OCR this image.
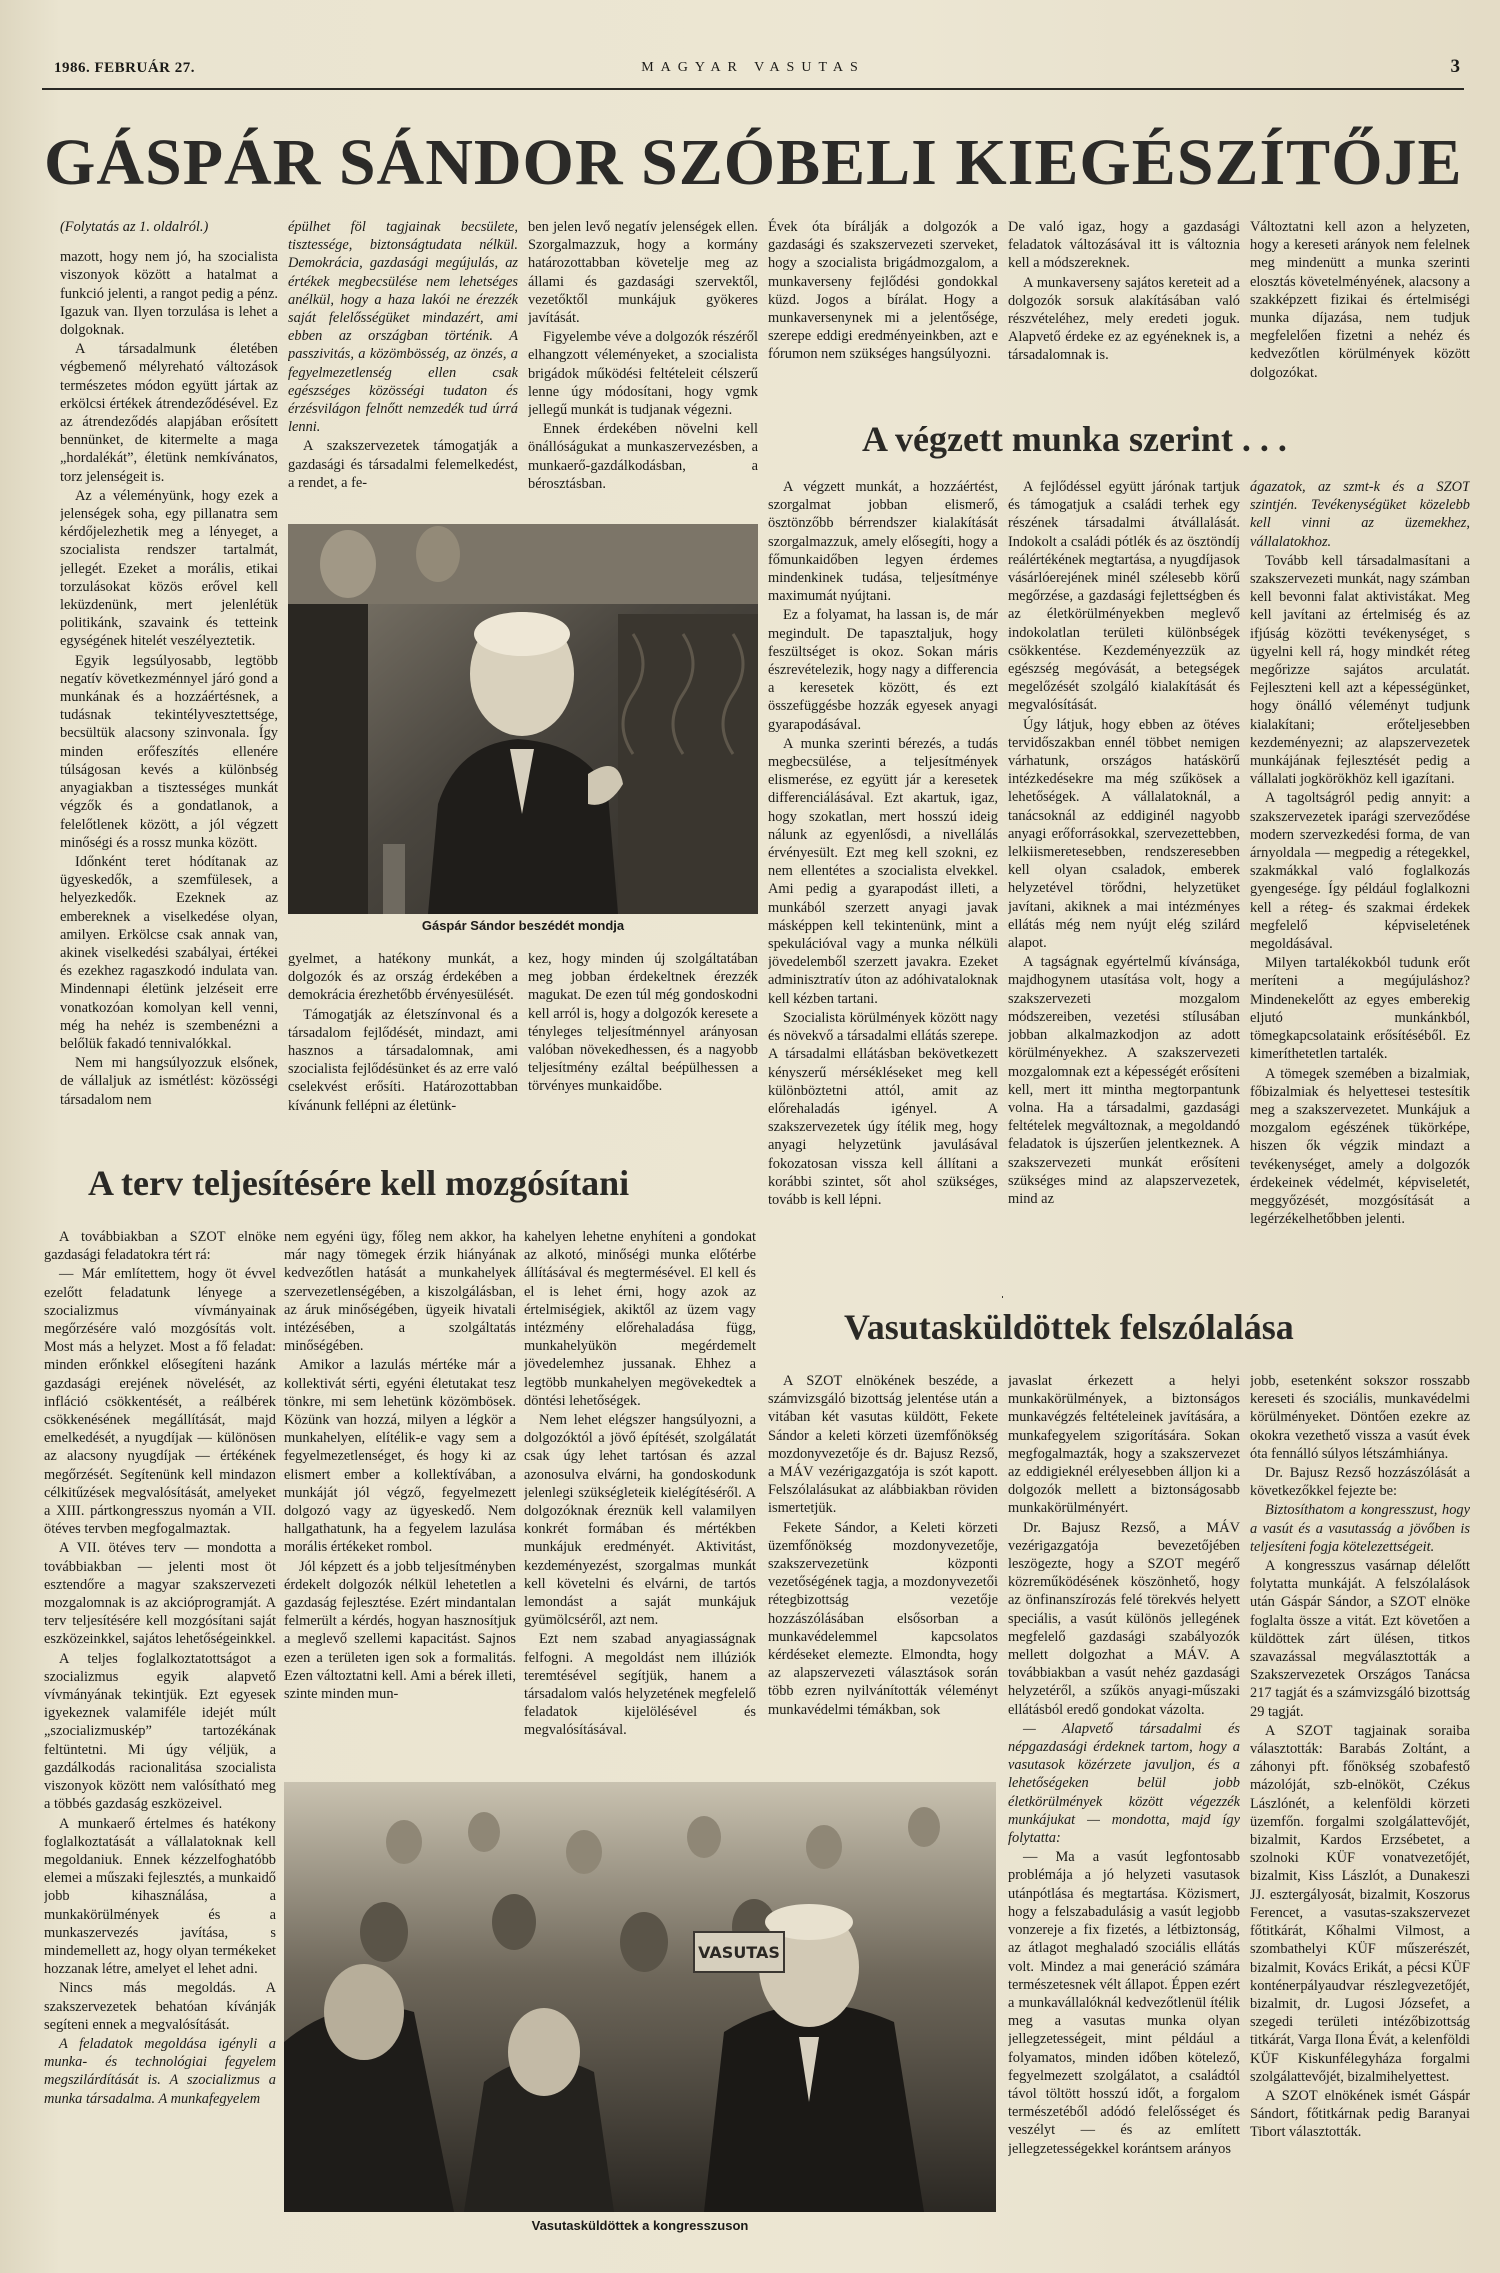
1986. FEBRUÁR 27.	MAGYAR VASUTAS	3
GÁSPÁR SÁNDOR SZÓBELI KIEGÉSZÍTŐJE

(Folytatás az 1. oldalról.)

mazott, hogy nem jó, ha szocialista viszonyok között a hatalmat a funkció jelenti, a rangot pedig a pénz. Igazuk van. Ilyen torzulása is lehet a dolgoknak.

A társadalmunk életében végbemenő mélyreható változások természetes módon együtt jártak az erkölcsi értékek átrendeződésével. Ez az átrendeződés alapjában erősített bennünket, de kitermelte a maga „hordalékát”, életünk nemkívánatos, torz jelenségeit is.

Az a véleményünk, hogy ezek a jelenségek soha, egy pillanatra sem kérdőjelezhetik meg a lényeget, a szocialista rendszer tartalmát, jellegét. Ezeket a morális, etikai torzulásokat közös erővel kell leküzdenünk, mert jelenlétük politikánk, szavaink és tetteink egységének hitelét veszélyeztetik.

Egyik legsúlyosabb, legtöbb negatív következménnyel járó gond a munkának és a hozzáértésnek, a tudásnak tekintélyvesztettsége, becsültük alacsony szinvonala. Így minden erőfeszítés ellenére túlságosan kevés a különbség anyagiakban a tisztességes munkát végzők és a gondatlanok, a felelőtlenek között, a jól végzett minőségi és a rossz munka között.

Időnként teret hódítanak az ügyeskedők, a szemfülesek, a helyezkedők. Ezeknek az embereknek a viselkedése olyan, amilyen. Erkölcse csak annak van, akinek viselkedési szabályai, értékei és ezekhez ragaszkodó indulata van. Mindennapi életünk jelzéseit erre vonatkozóan komolyan kell venni, még ha nehéz is szembenézni a belőlük fakadó tennivalókkal.

Nem mi hangsúlyozzuk elsőnek, de vállaljuk az ismétlést: közösségi társadalom nem

épülhet föl tagjainak becsülete, tisztessége, biztonságtudata nélkül. Demokrácia, gazdasági megújulás, az értékek megbecsülése nem lehetséges anélkül, hogy a haza lakói ne érezzék saját felelősségüket mindazért, ami ebben az országban történik. A passzivitás, a közömbösség, az önzés, a fegyelmezetlenség ellen csak egészséges közösségi tudaton és érzésvilágon felnőtt nemzedék tud úrrá lenni.

A szakszervezetek támogatják a gazdasági és társadalmi felemelkedést, a rendet, a fe-

ben jelen levő negatív jelenségek ellen. Szorgalmazzuk, hogy a kormány határozottabban követelje meg az állami és gazdasági szervektől, vezetőktől munkájuk gyökeres javítását.

Figyelembe véve a dolgozók részéről elhangzott véleményeket, a szocialista brigádok működési feltételeit célszerű lenne úgy módosítani, hogy vgmk jellegű munkát is tudjanak végezni.

Ennek érdekében növelni kell önállóságukat a munkaszervezésben, a munkaerő-gazdálkodásban, a bérosztásban.

Évek óta bírálják a dolgozók a gazdasági és szakszervezeti szerveket, hogy a szocialista brigádmozgalom, a munkaverseny fejlődési gondokkal küzd. Jogos a bírálat. Hogy a munkaversenynek mi a jelentősége, szerepe eddigi eredményeinkben, azt e fórumon nem szükséges hangsúlyozni.

De való igaz, hogy a gazdasági feladatok változásával itt is változnia kell a módszereknek.

A munkaverseny sajátos kereteit ad a dolgozók sorsuk alakításában való részvételéhez, mely eredeti joguk. Alapvető érdeke ez az egyéneknek is, a társadalomnak is.

Változtatni kell azon a helyzeten, hogy a kereseti arányok nem felelnek meg mindenütt a munka szerinti elosztás követelményének, alacsony a szakképzett fizikai és értelmiségi munka díjazása, nem tudjuk megfelelően fizetni a nehéz és kedvezőtlen körülmények között dolgozókat.

A végzett munka szerint . . .
Gáspár Sándor beszédét mondja

gyelmet, a hatékony munkát, a dolgozók és az ország érdekében a demokrácia érezhetőbb érvényesülését.

Támogatják az életszínvonal és a társadalom fejlődését, mindazt, ami hasznos a társadalomnak, ami szocialista fejlődésünket és az erre való cselekvést erősíti. Határozottabban kívánunk fellépni az életünk-

kez, hogy minden új szolgáltatában meg jobban érdekeltnek érezzék magukat. De ezen túl még gondoskodni kell arról is, hogy a dolgozók keresete a tényleges teljesítménnyel arányosan valóban növekedhessen, és a nagyobb teljesítmény ezáltal beépülhessen a törvényes munkaidőbe.

A végzett munkát, a hozzáértést, szorgalmat jobban elismerő, ösztönzőbb bérrendszer kialakítását szorgalmazzuk, amely elősegíti, hogy a főmunkaidőben legyen érdemes mindenkinek tudása, teljesítménye maximumát nyújtani.

Ez a folyamat, ha lassan is, de már megindult. De tapasztaljuk, hogy feszültséget is okoz. Sokan máris észrevételezik, hogy nagy a differencia a keresetek között, és ezt összefüggésbe hozzák egyesek anyagi gyarapodásával.

A munka szerinti bérezés, a tudás megbecsülése, a teljesítmények elismerése, ez együtt jár a keresetek differenciálásával. Ezt akartuk, igaz, hogy szokatlan, mert hosszú ideig nálunk az egyenlősdi, a nivellálás érvényesült. Ezt meg kell szokni, ez nem ellentétes a szocialista elvekkel. Ami pedig a gyarapodást illeti, a munkából szerzett anyagi javak másképpen kell tekintenünk, mint a spekulációval vagy a munka nélküli jövedelemből szerzett javakra. Ezeket adminisztratív úton az adóhivataloknak kell kézben tartani.

Szocialista körülmények között nagy és növekvő a társadalmi ellátás szerepe. A társadalmi ellátásban bekövetkezett kényszerű mérsékléseket meg kell különböztetni attól, amit az előrehaladás igényel. A szakszervezetek úgy ítélik meg, hogy anyagi helyzetünk javulásával fokozatosan vissza kell állítani a korábbi szintet, sőt ahol szükséges, tovább is kell lépni.

A fejlődéssel együtt járónak tartjuk és támogatjuk a családi terhek egy részének társadalmi átvállalását. Indokolt a családi pótlék és az ösztöndíj reálértékének megtartása, a nyugdíjasok vásárlóerejének minél szélesebb körű megőrzése, a gazdasági fejlettségben és az életkörülményekben meglevő indokolatlan területi különbségek csökkentése. Kezdeményezzük az egészség megóvását, a betegségek megelőzését szolgáló kialakítását és megvalósítását.

Úgy látjuk, hogy ebben az ötéves tervidőszakban ennél többet nemigen várhatunk, országos hatáskörű intézkedésekre ma még szűkösek a lehetőségek. A vállalatoknál, a tanácsoknál az eddiginél nagyobb anyagi erőforrásokkal, szervezettebben, lelkiismeretesebben, rendszeresebben kell olyan csaladok, emberek helyzetével törődni, helyzetüket javítani, akiknek a mai intézményes ellátás még nem nyújt elég szilárd alapot.

A tagságnak egyértelmű kívánsága, majdhogynem utasítása volt, hogy a szakszervezeti mozgalom módszereiben, vezetési stílusában jobban alkalmazkodjon az adott körülményekhez. A szakszervezeti mozgalomnak ezt a képességét erősíteni kell, mert itt minthа megtorpantunk volna. Ha a társadalmi, gazdasági feltételek megváltoznak, a megoldandó feladatok is újszerűen jelentkeznek. A szakszervezeti munkát erősíteni szükséges mind az alapszervezetek, mind az

ágazatok, az szmt-k és a SZOT szintjén. Tevékenységüket közelebb kell vinni az üzemekhez, vállalatokhoz.

Tovább kell társadalmasítani a szakszervezeti munkát, nagy számban kell bevonni falat aktivistákat. Meg kell javítani az értelmiség és az ifjúság közötti tevékenységet, s ügyelni kell rá, hogy mindkét réteg megőrizze sajátos arculatát. Fejleszteni kell azt a képességünket, hogy önálló véleményt tudjunk kialakítani; erőteljesebben kezdeményezni; az alapszervezetek munkájának fejlesztését pedig a vállalati jogkörökhöz kell igazítani.

A tagoltságról pedig annyit: a szakszervezetek iparági szerveződése modern szervezkedési forma, de van árnyoldala — megpedig a rétegekkel, szakmákkal való foglalkozás gyengesége. Így például foglalkozni kell a réteg- és szakmai érdekek megfelelő képviseletének megoldásával.

Milyen tartalékokból tudunk erőt meríteni a megújuláshoz? Mindenekelőtt az egyes emberekig eljutó munkánkból, tömegkapcsolataink erősítéséből. Ez kimeríthetetlen tartalék.

A tömegek szemében a bizalmiak, főbizalmiak és helyettesei testesítik meg a szakszervezetet. Munkájuk a mozgalom egészének tükörképe, hiszen ők végzik mindazt a tevékenységet, amely a dolgozók érdekeinek védelmét, képviseletét, meggyőzését, mozgósítását a legérzékelhetőbben jelenti.

A terv teljesítésére kell mozgósítani
Vasutasküldöttek felszólalása

A továbbiakban a SZOT elnöke gazdasági feladatokra tért rá:

— Már említettem, hogy öt évvel ezelőtt feladatunk lényege a szocializmus vívmányainak megőrzésére való mozgósítás volt. Most más a helyzet. Most a fő feladat: minden erőnkkel elősegíteni hazánk gazdasági erejének növelését, az infláció csökkentését, a reálbérek csökkenésének megállítását, majd emelkedését, a nyugdíjak — különösen az alacsony nyugdíjak — értékének megőrzését. Segítenünk kell mindazon célkitűzések megvalósítását, amelyeket a XIII. pártkongresszus nyomán a VII. ötéves tervben megfogalmaztak.

A VII. ötéves terv — mondotta a továbbiakban — jelenti most öt esztendőre a magyar szakszervezeti mozgalomnak is az akcióprogramját. A terv teljesítésére kell mozgósítani saját eszközeinkkel, sajátos lehetőségeinkkel.

A teljes foglalkoztatottságot a szocializmus egyik alapvető vívmányának tekintjük. Ezt egyesek igyekeznek valamiféle idejét múlt „szocializmuskép” tartozékának feltüntetni. Mi úgy véljük, a gazdálkodás racionalitása szocialista viszonyok között nem valósítható meg a többés gazdaság eszközeivel.

A munkaerő értelmes és hatékony foglalkoztatását a vállalatoknak kell megoldaniuk. Ennek kézzelfoghatóbb elemei a műszaki fejlesztés, a munkaidő jobb kihasználása, a munkakörülmények és a munkaszervezés javítása, s mindemellett az, hogy olyan termékeket hozzanak létre, amelyet el lehet adni.

Nincs más megoldás. A szakszervezetek behatóan kívánják segíteni ennek a megvalósítását.

A feladatok megoldása igényli a munka- és technológiai fegyelem megszilárdítását is. A szocializmus a munka társadalma. A munkafegyelem

nem egyéni ügy, főleg nem akkor, ha már nagy tömegek érzik hiányának kedvezőtlen hatását a munkahelyek szervezetlenségében, a kiszolgálásban, az áruk minőségében, ügyeik hivatali intézésében, a szolgáltatás minőségében.

Amikor a lazulás mértéke már a kollektivát sérti, egyéni életutakat tesz tönkre, mi sem lehetünk közömbösek. Közünk van hozzá, milyen a légkör a munkahelyen, elítélik-e vagy sem a fegyelmezetlenséget, és hogy ki az elismert ember a kollektívában, a munkáját jól végző, fegyelmezett dolgozó vagy az ügyeskedő. Nem hallgathatunk, ha a fegyelem lazulása morális értékeket rombol.

Jól képzett és a jobb teljesítményben érdekelt dolgozók nélkül lehetetlen a gazdaság fejlesztése. Ezért mindantalan felmerült a kérdés, hogyan hasznosítjuk a meglevő szellemi kapacitást. Sajnos ezen a területen igen sok a formalitás. Ezen változtatni kell. Ami a bérek illeti, szinte minden mun-

kahelyen lehetne enyhíteni a gondokat az alkotó, minőségi munka előtérbe állításával és megtermésével. El kell és el is lehet érni, hogy azok az értelmiségiek, akiktől az üzem vagy intézmény előrehaladása függ, munkahelyükön megérdemelt jövedelemhez jussanak. Ehhez a legtöbb munkahelyen megövekedtek a döntési lehetőségek.

Nem lehet elégszer hangsúlyozni, a dolgozóktól a jövő építését, szolgálatát csak úgy lehet tartósan és azzal azonosulva elvárni, ha gondoskodunk jelenlegi szükségleteik kielégítéséről. A dolgozóknak éreznük kell valamilyen konkrét formában és mértékben munkájuk eredményét. Aktivitást, kezdeményezést, szorgalmas munkát kell követelni és elvárni, de tartós lemondást a saját munkájuk gyümölcséről, azt nem.

Ezt nem szabad anyagiasságnak felfogni. A megoldást nem illúziók teremtésével segítjük, hanem a társadalom valós helyzetének megfelelő feladatok kijelölésével és megvalósításával.

A SZOT elnökének beszéde, a számvizsgáló bizottság jelentése után a vitában két vasutas küldött, Fekete Sándor a keleti körzeti üzemfőnökség mozdonyvezetője és dr. Bajusz Rezső, a MÁV vezérigazgatója is szót kapott. Felszólalásukat az alábbiakban röviden ismertetjük.

Fekete Sándor, a Keleti körzeti üzemfőnökség mozdonyvezetője, szakszervezetünk központi vezetőségének tagja, a mozdonyvezetői rétegbizottság vezetője hozzászólásában elsősorban a munkavédelemmel kapcsolatos kérdéseket elemezte. Elmondta, hogy az alapszervezeti választások során több ezren nyilvánították véleményt munkavédelmi témákban, sok

javaslat érkezett a helyi munkakörülmények, a biztonságos munkavégzés feltételeinek javítására, a munkafegyelem szigorítására. Sokan megfogalmazták, hogy a szakszervezet az eddigieknél erélyesebben álljon ki a dolgozók mellett a biztonságosabb munkakörülményért.

Dr. Bajusz Rezső, a MÁV vezérigazgatója bevezetőjében leszögezte, hogy a SZOT megérő közreműködésének köszönhető, hogy az önfinanszírozás felé törekvés helyett speciális, a vasút különös jellegének megfelelő gazdasági szabályozók mellett dolgozhat a MÁV. A továbbiakban a vasút nehéz gazdasági helyzetéről, a szűkös anyagi-műszaki ellátásból eredő gondokat vázolta.

— Alapvető társadalmi és népgazdasági érdeknek tartom, hogy a vasutasok közérzete javuljon, és a lehetőségeken belül jobb életkörülmények között végezzék munkájukat — mondotta, majd így folytatta:

— Ma a vasút legfontosabb problémája a jó helyzeti vasutasok utánpótlása és megtartása. Közismert, hogy a felszabadulásig a vasút legjobb vonzereje a fix fizetés, a létbiztonság, az átlagot meghaladó szociális ellátás volt. Mindez a mai generáció számára természetesnek vélt állapot. Éppen ezért a munkavállalóknál kedvezőtlenül ítélik meg a vasutas munka olyan jellegzetességeit, mint például a folyamatos, minden időben kötelező, fegyelmezett szolgálatot, a családtól távol töltött hosszú időt, a forgalom természetéből adódó felelősséget és veszélyt — és az említett jellegzetességekkel korántsem arányos

jobb, esetenként sokszor rosszabb kereseti és szociális, munkavédelmi körülményeket. Döntően ezekre az okokra vezethető vissza a vasút évek óta fennálló súlyos létszámhiánya.

Dr. Bajusz Rezső hozzászólását a következőkkel fejezte be:

Biztosíthatom a kongresszust, hogy a vasút és a vasutasság a jövőben is teljesíteni fogja kötelezettségeit.

A kongresszus vasárnap délelőtt folytatta munkáját. A felszólalások után Gáspár Sándor, a SZOT elnöke foglalta össze a vitát. Ezt követően a küldöttek zárt ülésen, titkos szavazással megválasztották a Szakszervezetek Országos Tanácsa 217 tagját és a számvizsgáló bizottság 29 tagját.

A SZOT tagjainak soraiba választották: Barabás Zoltánt, a záhonyi pft. főnökség szobafestő mázolóját, szb-elnököt, Czékus Lászlónét, a kelenföldi körzeti üzemfőn. forgalmi szolgálattevőjét, bizalmit, Kardos Erzsébetet, a szolnoki KÜF vonatvezetőjét, bizalmit, Kiss Lászlót, a Dunakeszi JJ. esztergályosát, bizalmit, Koszorus Ferencet, a vasutas-szakszervezet főtitkárát, Kőhalmi Vilmost, a szombathelyi KÜF műszerészét, bizalmit, Kovács Erikát, a pécsi KÜF konténerpályaudvar részlegvezetőjét, bizalmit, dr. Lugosi Józsefet, a szegedi területi intézőbizottság titkárát, Varga Ilona Évát, a kelenföldi KÜF Kiskunfélegyháza forgalmi szolgálattevőjét, bizalmihelyettest.

A SZOT elnökének ismét Gáspár Sándort, főtitkárnak pedig Baranyai Tibort választották.

VASUTAS
Vasutasküldöttek a kongresszuson
